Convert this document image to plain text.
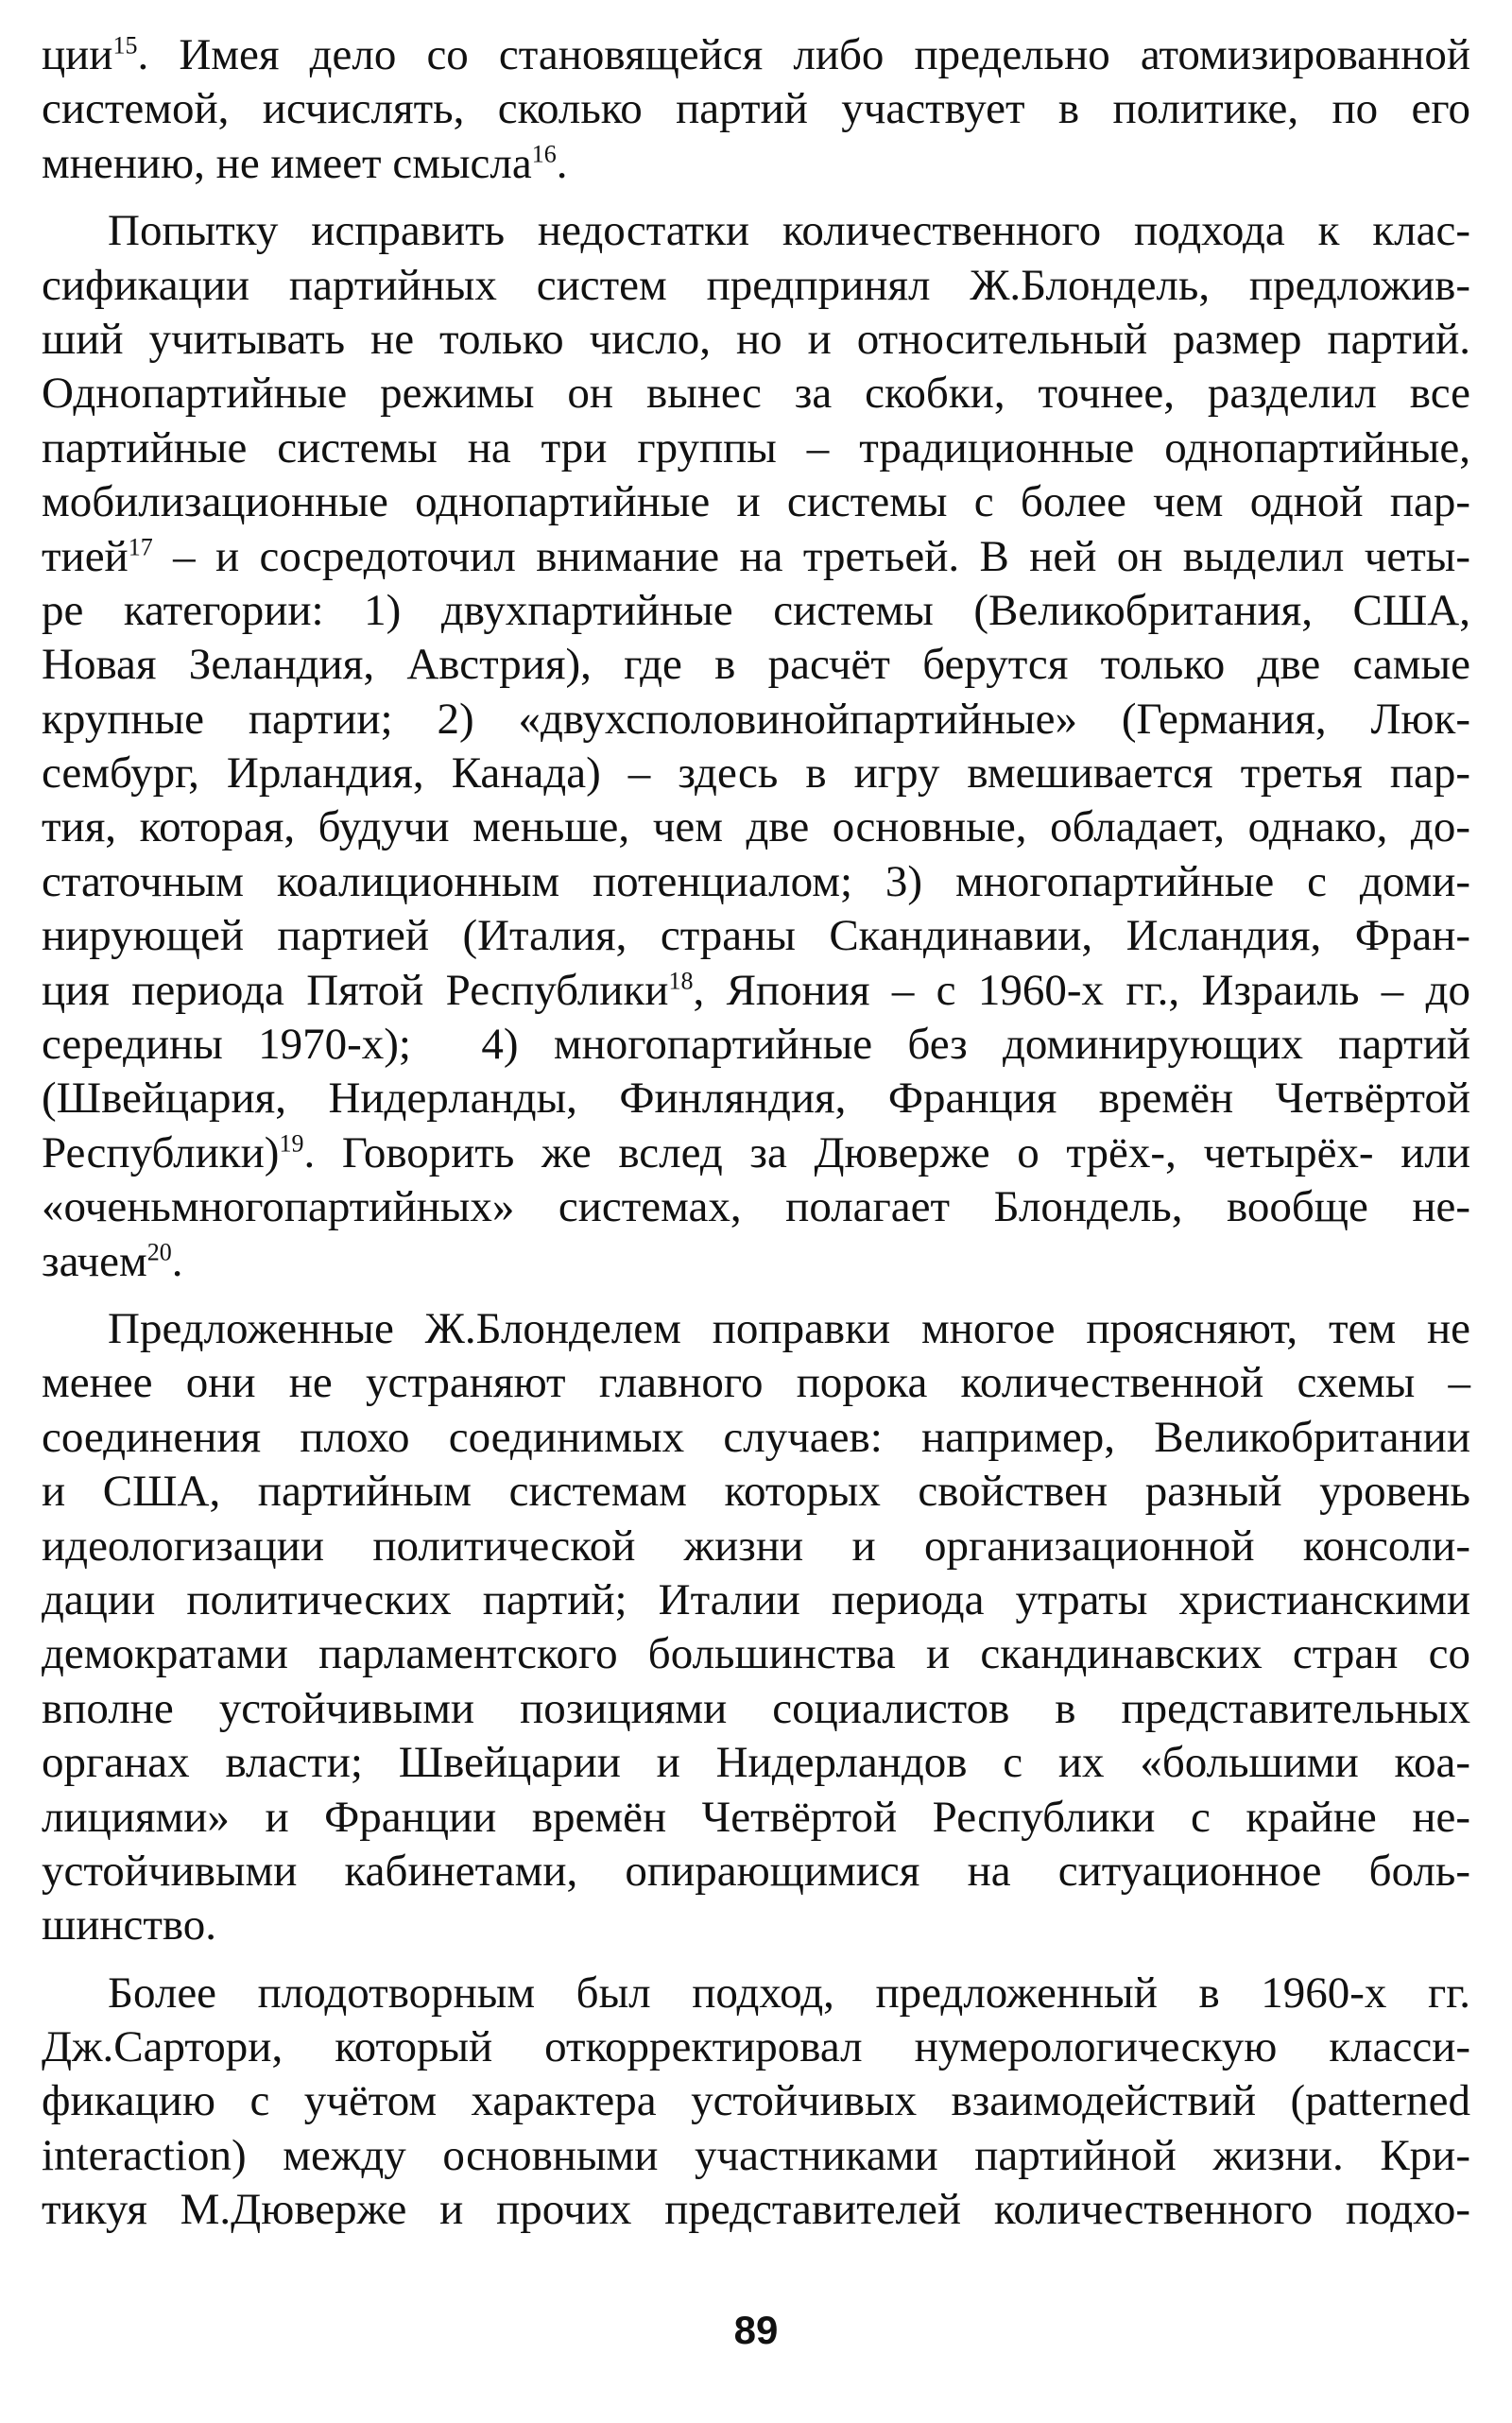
ции$^{15}$. Имея дело со становящейся либо предельно атомизированной
системой, исчислять, сколько партий участвует в политике, по его
мнению, не имеет смысла$^{16}$.
Попытку исправить недостатки количественного подхода к клас-
сификации партийных систем предпринял Ж.Блондель, предложив-
ший учитывать не только число, но и относительный размер партий.
Однопартийные режимы он вынес за скобки, точнее, разделил все
партийные системы на три группы – традиционные однопартийные,
мобилизационные однопартийные и системы с более чем одной пар-
тией$^{17}$ – и сосредоточил внимание на третьей. В ней он выделил четы-
ре категории: 1) двухпартийные системы (Великобритания, США,
Новая Зеландия, Австрия), где в расчёт берутся только две самые
крупные партии; 2) «двухсполовинойпартийные» (Германия, Люк-
сембург, Ирландия, Канада) – здесь в игру вмешивается третья пар-
тия, которая, будучи меньше, чем две основные, обладает, однако, до-
статочным коалиционным потенциалом; 3) многопартийные с доми-
нирующей партией (Италия, страны Скандинавии, Исландия, Фран-
ция периода Пятой Республики$^{18}$, Япония – с 1960-х гг., Израиль – до
середины 1970-х);  4) многопартийные без доминирующих партий
(Швейцария, Нидерланды, Финляндия, Франция времён Четвёртой
Республики)$^{19}$. Говорить же вслед за Дюверже о трёх-, четырёх- или
«оченьмногопартийных» системах, полагает Блондель, вообще не-
зачем$^{20}$.
Предложенные Ж.Блонделем поправки многое проясняют, тем не
менее они не устраняют главного порока количественной схемы –
соединения плохо соединимых случаев: например, Великобритании
и США, партийным системам которых свойствен разный уровень
идеологизации политической жизни и организационной консоли-
дации политических партий; Италии периода утраты христианскими
демократами парламентского большинства и скандинавских стран со
вполне устойчивыми позициями социалистов в представительных
органах власти; Швейцарии и Нидерландов с их «большими коа-
лициями» и Франции времён Четвёртой Республики с крайне не-
устойчивыми кабинетами, опирающимися на ситуационное боль-
шинство.
Более плодотворным был подход, предложенный в 1960-х гг.
Дж.Сартори, который откорректировал нумерологическую класси-
фикацию с учётом характера устойчивых взаимодействий (patterned
interaction) между основными участниками партийной жизни. Кри-
тикуя М.Дюверже и прочих представителей количественного подхо-
89
